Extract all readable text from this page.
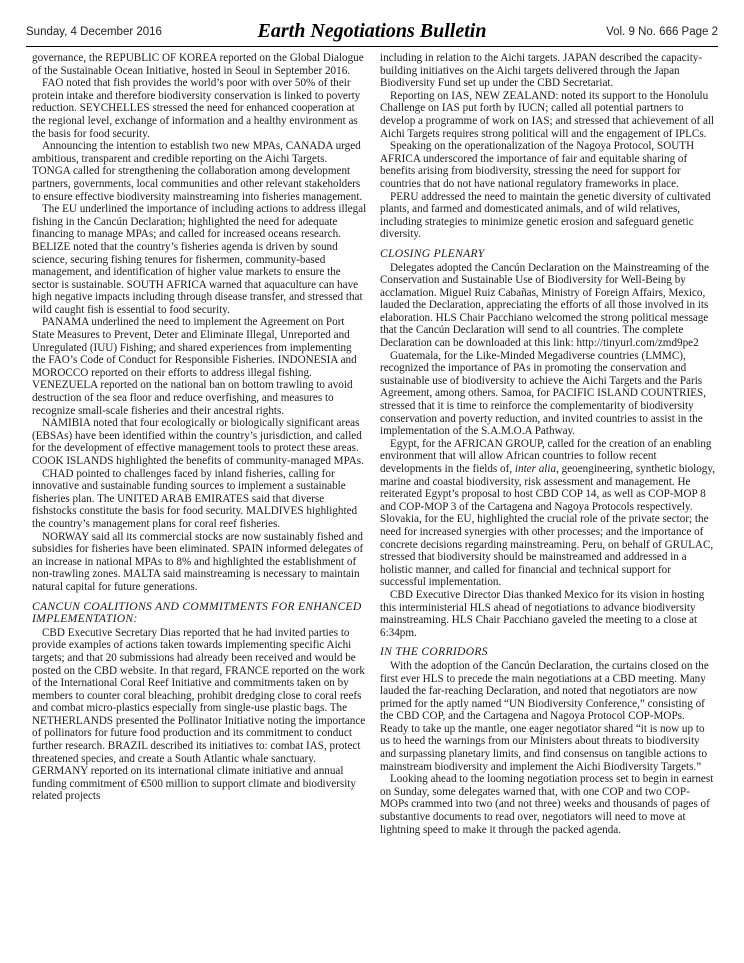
Sunday, 4 December 2016	Earth Negotiations Bulletin	Vol. 9 No. 666 Page 2

governance, the REPUBLIC OF KOREA reported on the Global Dialogue of the Sustainable Ocean Initiative, hosted in Seoul in September 2016.

FAO noted that fish provides the world’s poor with over 50% of their protein intake and therefore biodiversity conservation is linked to poverty reduction. SEYCHELLES stressed the need for enhanced cooperation at the regional level, exchange of information and a healthy environment as the basis for food security.

Announcing the intention to establish two new MPAs, CANADA urged ambitious, transparent and credible reporting on the Aichi Targets. TONGA called for strengthening the collaboration among development partners, governments, local communities and other relevant stakeholders to ensure effective biodiversity mainstreaming into fisheries management.

The EU underlined the importance of including actions to address illegal fishing in the Cancún Declaration; highlighted the need for adequate financing to manage MPAs; and called for increased oceans research. BELIZE noted that the country’s fisheries agenda is driven by sound science, securing fishing tenures for fishermen, community-based management, and identification of higher value markets to ensure the sector is sustainable. SOUTH AFRICA warned that aquaculture can have high negative impacts including through disease transfer, and stressed that wild caught fish is essential to food security.

PANAMA underlined the need to implement the Agreement on Port State Measures to Prevent, Deter and Eliminate Illegal, Unreported and Unregulated (IUU) Fishing; and shared experiences from implementing the FAO’s Code of Conduct for Responsible Fisheries. INDONESIA and MOROCCO reported on their efforts to address illegal fishing. VENEZUELA reported on the national ban on bottom trawling to avoid destruction of the sea floor and reduce overfishing, and measures to recognize small-scale fisheries and their ancestral rights.

NAMIBIA noted that four ecologically or biologically significant areas (EBSAs) have been identified within the country’s jurisdiction, and called for the development of effective management tools to protect these areas. COOK ISLANDS highlighted the benefits of community-managed MPAs.

CHAD pointed to challenges faced by inland fisheries, calling for innovative and sustainable funding sources to implement a sustainable fisheries plan. The UNITED ARAB EMIRATES said that diverse fishstocks constitute the basis for food security. MALDIVES highlighted the country’s management plans for coral reef fisheries.

NORWAY said all its commercial stocks are now sustainably fished and subsidies for fisheries have been eliminated. SPAIN informed delegates of an increase in national MPAs to 8% and highlighted the establishment of non-trawling zones. MALTA said mainstreaming is necessary to maintain natural capital for future generations.

CANCUN COALITIONS AND COMMITMENTS FOR ENHANCED IMPLEMENTATION:

CBD Executive Secretary Dias reported that he had invited parties to provide examples of actions taken towards implementing specific Aichi targets; and that 20 submissions had already been received and would be posted on the CBD website. In that regard, FRANCE reported on the work of the International Coral Reef Initiative and commitments taken on by members to counter coral bleaching, prohibit dredging close to coral reefs and combat micro-plastics especially from single-use plastic bags. The NETHERLANDS presented the Pollinator Initiative noting the importance of pollinators for future food production and its commitment to conduct further research. BRAZIL described its initiatives to: combat IAS, protect threatened species, and create a South Atlantic whale sanctuary. GERMANY reported on its international climate initiative and annual funding commitment of €500 million to support climate and biodiversity related projects

including in relation to the Aichi targets. JAPAN described the capacity-building initiatives on the Aichi targets delivered through the Japan Biodiversity Fund set up under the CBD Secretariat.

Reporting on IAS, NEW ZEALAND: noted its support to the Honolulu Challenge on IAS put forth by IUCN; called all potential partners to develop a programme of work on IAS; and stressed that achievement of all Aichi Targets requires strong political will and the engagement of IPLCs.

Speaking on the operationalization of the Nagoya Protocol, SOUTH AFRICA underscored the importance of fair and equitable sharing of benefits arising from biodiversity, stressing the need for support for countries that do not have national regulatory frameworks in place.

PERU addressed the need to maintain the genetic diversity of cultivated plants, and farmed and domesticated animals, and of wild relatives, including strategies to minimize genetic erosion and safeguard genetic diversity.

CLOSING PLENARY

Delegates adopted the Cancún Declaration on the Mainstreaming of the Conservation and Sustainable Use of Biodiversity for Well-Being by acclamation. Miguel Ruiz Cabañas, Ministry of Foreign Affairs, Mexico, lauded the Declaration, appreciating the efforts of all those involved in its elaboration. HLS Chair Pacchiano welcomed the strong political message that the Cancún Declaration will send to all countries. The complete Declaration can be downloaded at this link: http://tinyurl.com/zmd9pe2

Guatemala, for the Like-Minded Megadiverse countries (LMMC), recognized the importance of PAs in promoting the conservation and sustainable use of biodiversity to achieve the Aichi Targets and the Paris Agreement, among others. Samoa, for PACIFIC ISLAND COUNTRIES, stressed that it is time to reinforce the complementarity of biodiversity conservation and poverty reduction, and invited countries to assist in the implementation of the S.A.M.O.A Pathway.

Egypt, for the AFRICAN GROUP, called for the creation of an enabling environment that will allow African countries to follow recent developments in the fields of, inter alia, geoengineering, synthetic biology, marine and coastal biodiversity, risk assessment and management. He reiterated Egypt’s proposal to host CBD COP 14, as well as COP-MOP 8 and COP-MOP 3 of the Cartagena and Nagoya Protocols respectively. Slovakia, for the EU, highlighted the crucial role of the private sector; the need for increased synergies with other processes; and the importance of concrete decisions regarding mainstreaming. Peru, on behalf of GRULAC, stressed that biodiversity should be mainstreamed and addressed in a holistic manner, and called for financial and technical support for successful implementation.

CBD Executive Director Dias thanked Mexico for its vision in hosting this interministerial HLS ahead of negotiations to advance biodiversity mainstreaming. HLS Chair Pacchiano gaveled the meeting to a close at 6:34pm.

IN THE CORRIDORS

With the adoption of the Cancún Declaration, the curtains closed on the first ever HLS to precede the main negotiations at a CBD meeting. Many lauded the far-reaching Declaration, and noted that negotiators are now primed for the aptly named “UN Biodiversity Conference,” consisting of the CBD COP, and the Cartagena and Nagoya Protocol COP-MOPs. Ready to take up the mantle, one eager negotiator shared “it is now up to us to heed the warnings from our Ministers about threats to biodiversity and surpassing planetary limits, and find consensus on tangible actions to mainstream biodiversity and implement the Aichi Biodiversity Targets.”

Looking ahead to the looming negotiation process set to begin in earnest on Sunday, some delegates warned that, with one COP and two COP-MOPs crammed into two (and not three) weeks and thousands of pages of substantive documents to read over, negotiators will need to move at lightning speed to make it through the packed agenda.
